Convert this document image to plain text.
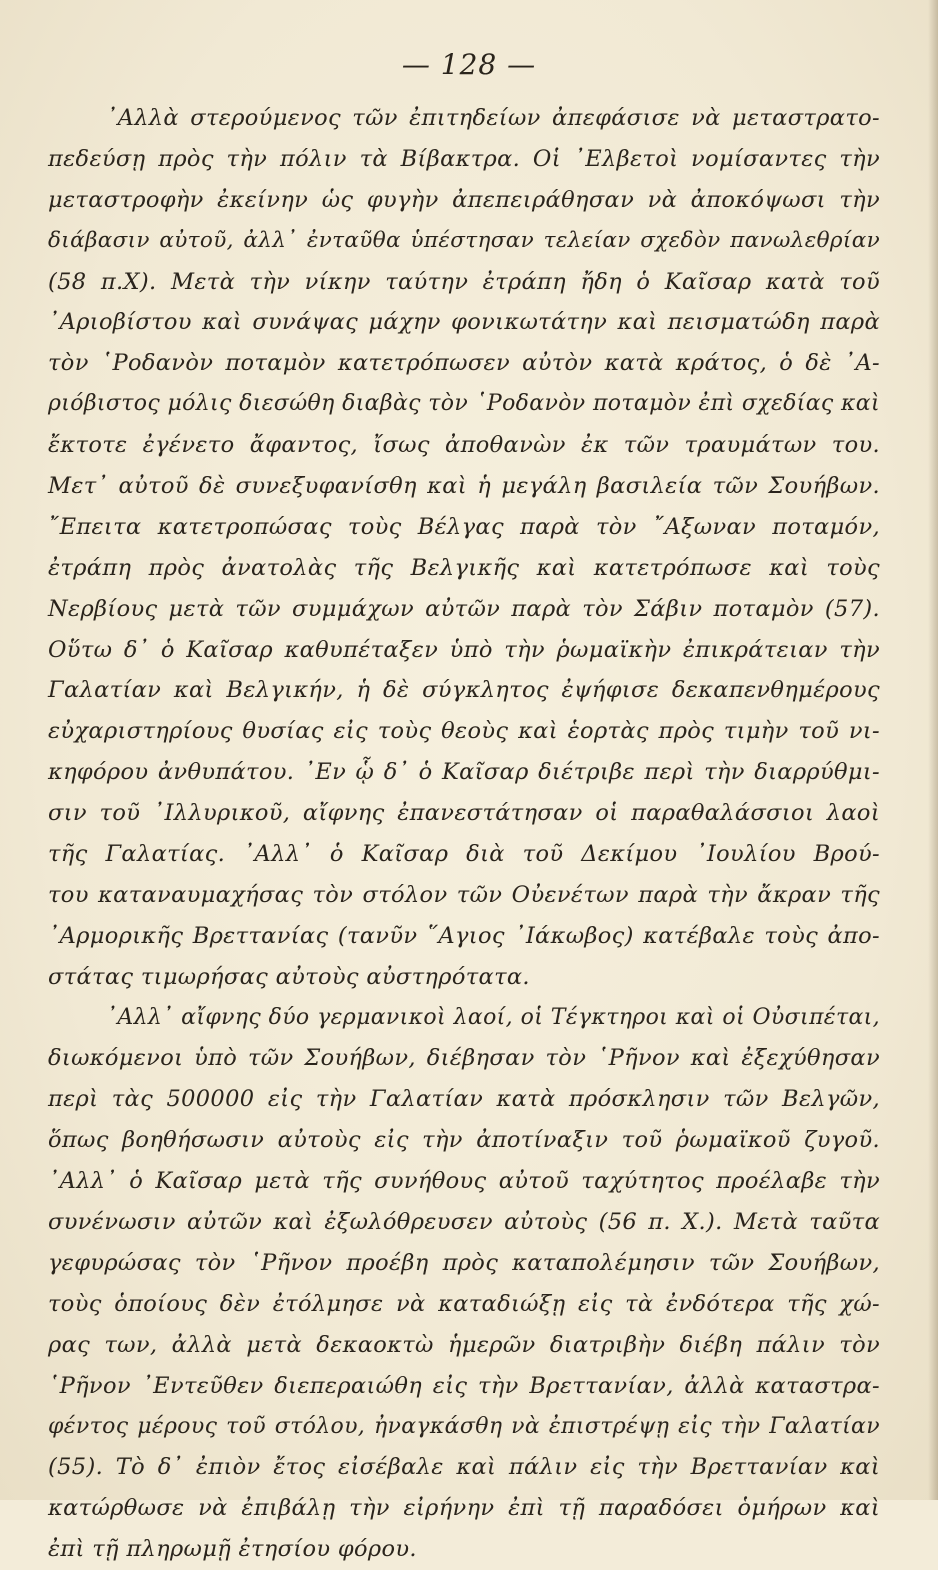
— 128 —
᾿Αλλὰ στερούμενος τῶν ἐπιτηδείων ἀπεφάσισε νὰ μεταστρατο-
πεδεύσῃ πρὸς τὴν πόλιν τὰ Βίβακτρα. Οἱ ᾿Ελβετοὶ νομίσαντες τὴν
μεταστροφὴν ἐκείνην ὡς φυγὴν ἀπεπειράθησαν νὰ ἀποκόψωσι τὴν
διάβασιν αὐτοῦ, ἀλλ᾿ ἐνταῦθα ὑπέστησαν τελείαν σχεδὸν πανωλεθρίαν
(58 π.Χ). Μετὰ τὴν νίκην ταύτην ἐτράπη ἤδη ὁ Καῖσαρ κατὰ τοῦ
᾿Αριοβίστου καὶ συνάψας μάχην φονικωτάτην καὶ πεισματώδη παρὰ
τὸν ῾Ροδανὸν ποταμὸν κατετρόπωσεν αὐτὸν κατὰ κράτος, ὁ δὲ ᾿Α-
ριόβιστος μόλις διεσώθη διαβὰς τὸν ῾Ροδανὸν ποταμὸν ἐπὶ σχεδίας καὶ
ἔκτοτε ἐγένετο ἄφαντος, ἴσως ἀποθανὼν ἐκ τῶν τραυμάτων του.
Μετ᾿ αὐτοῦ δὲ συνεξυφανίσθη καὶ ἡ μεγάλη βασιλεία τῶν Σουήβων.
῎Επειτα κατετροπώσας τοὺς Βέλγας παρὰ τὸν ῎Αξωναν ποταμόν,
ἐτράπη πρὸς ἀνατολὰς τῆς Βελγικῆς καὶ κατετρόπωσε καὶ τοὺς
Νερβίους μετὰ τῶν συμμάχων αὐτῶν παρὰ τὸν Σάβιν ποταμὸν (57).
Οὕτω δ᾿ ὁ Καῖσαρ καθυπέταξεν ὑπὸ τὴν ῥωμαϊκὴν ἐπικράτειαν τὴν
Γαλατίαν καὶ Βελγικήν, ἡ δὲ σύγκλητος ἐψήφισε δεκαπενθημέρους
εὐχαριστηρίους θυσίας εἰς τοὺς θεοὺς καὶ ἑορτὰς πρὸς τιμὴν τοῦ νι-
κηφόρου ἀνθυπάτου. ᾿Εν ᾧ δ᾿ ὁ Καῖσαρ διέτριβε περὶ τὴν διαρρύθμι-
σιν τοῦ ᾿Ιλλυρικοῦ, αἴφνης ἐπανεστάτησαν οἱ παραθαλάσσιοι λαοὶ
τῆς Γαλατίας. ᾿Αλλ᾿ ὁ Καῖσαρ διὰ τοῦ Δεκίμου ᾿Ιουλίου Βρού-
του καταναυμαχήσας τὸν στόλον τῶν Οὐενέτων παρὰ τὴν ἄκραν τῆς
᾿Αρμορικῆς Βρεττανίας (τανῦν ῞Αγιος ᾿Ιάκωβος) κατέβαλε τοὺς ἀπο-
στάτας τιμωρήσας αὐτοὺς αὐστηρότατα.
᾿Αλλ᾿ αἴφνης δύο γερμανικοὶ λαοί, οἱ Τέγκτηροι καὶ οἱ Οὐσιπέται,
διωκόμενοι ὑπὸ τῶν Σουήβων, διέβησαν τὸν ῾Ρῆνον καὶ ἐξεχύθησαν
περὶ τὰς 500000 εἰς τὴν Γαλατίαν κατὰ πρόσκλησιν τῶν Βελγῶν,
ὅπως βοηθήσωσιν αὐτοὺς εἰς τὴν ἀποτίναξιν τοῦ ῥωμαϊκοῦ ζυγοῦ.
᾿Αλλ᾿ ὁ Καῖσαρ μετὰ τῆς συνήθους αὐτοῦ ταχύτητος προέλαβε τὴν
συνένωσιν αὐτῶν καὶ ἐξωλόθρευσεν αὐτοὺς (56 π. Χ.). Μετὰ ταῦτα
γεφυρώσας τὸν ῾Ρῆνον προέβη πρὸς καταπολέμησιν τῶν Σουήβων,
τοὺς ὁποίους δὲν ἐτόλμησε νὰ καταδιώξῃ εἰς τὰ ἐνδότερα τῆς χώ-
ρας των, ἀλλὰ μετὰ δεκαοκτὼ ἡμερῶν διατριβὴν διέβη πάλιν τὸν
῾Ρῆνον ᾿Εντεῦθεν διεπεραιώθη εἰς τὴν Βρεττανίαν, ἀλλὰ καταστρα-
φέντος μέρους τοῦ στόλου, ἠναγκάσθη νὰ ἐπιστρέψῃ εἰς τὴν Γαλατίαν
(55). Τὸ δ᾿ ἐπιὸν ἔτος εἰσέβαλε καὶ πάλιν εἰς τὴν Βρεττανίαν καὶ
κατώρθωσε νὰ ἐπιβάλῃ τὴν εἰρήνην ἐπὶ τῇ παραδόσει ὁμήρων καὶ
ἐπὶ τῇ πληρωμῇ ἐτησίου φόρου.
